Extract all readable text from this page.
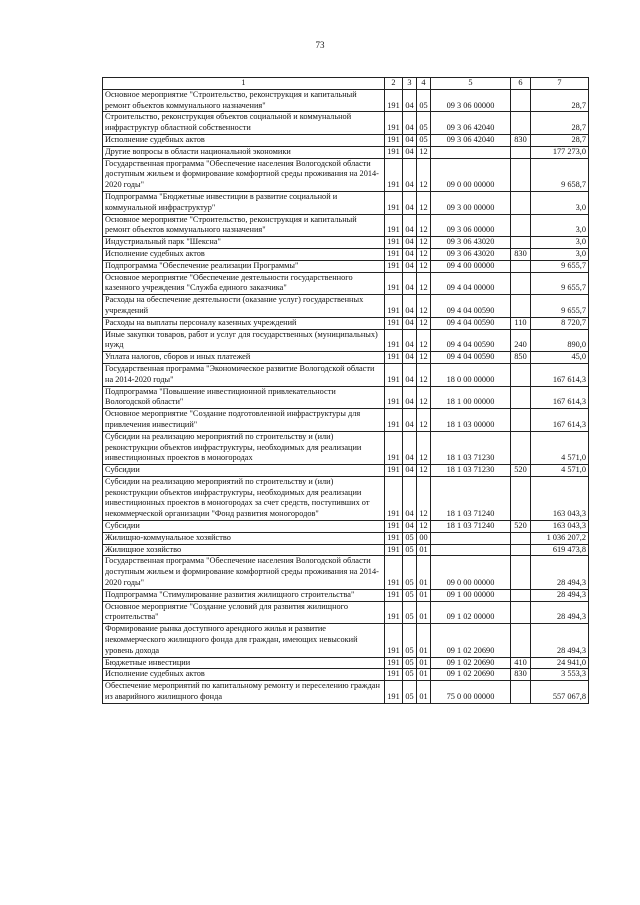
73
1	2	3	4	5	6	7
Основное мероприятие "Строительство, реконструкция и капитальный ремонт объектов коммунального назначения"	191	04	05	09 3 06 00000		28,7
Строительство, реконструкция объектов социальной и коммунальной инфраструктур областной собственности	191	04	05	09 3 06 42040		28,7
Исполнение судебных актов	191	04	05	09 3 06 42040	830	28,7
Другие вопросы в области национальной экономики	191	04	12			177 273,0
Государственная программа "Обеспечение населения Вологодской области доступным жильем и формирование комфортной среды проживания на 2014-2020 годы"	191	04	12	09 0 00 00000		9 658,7
Подпрограмма "Бюджетные инвестиции в развитие социальной и коммунальной инфраструктур"	191	04	12	09 3 00 00000		3,0
Основное мероприятие "Строительство, реконструкция и капитальный ремонт объектов коммунального назначения"	191	04	12	09 3 06 00000		3,0
Индустриальный парк "Шексна"	191	04	12	09 3 06 43020		3,0
Исполнение судебных актов	191	04	12	09 3 06 43020	830	3,0
Подпрограмма "Обеспечение реализации Программы"	191	04	12	09 4 00 00000		9 655,7
Основное мероприятие "Обеспечение деятельности государственного казенного учреждения "Служба единого заказчика"	191	04	12	09 4 04 00000		9 655,7
Расходы на обеспечение деятельности (оказание услуг) государственных учреждений	191	04	12	09 4 04 00590		9 655,7
Расходы на выплаты персоналу казенных учреждений	191	04	12	09 4 04 00590	110	8 720,7
Иные закупки товаров, работ и услуг для государственных (муниципальных) нужд	191	04	12	09 4 04 00590	240	890,0
Уплата налогов, сборов и иных платежей	191	04	12	09 4 04 00590	850	45,0
Государственная программа "Экономическое развитие Вологодской области на 2014-2020 годы"	191	04	12	18 0 00 00000		167 614,3
Подпрограмма "Повышение инвестиционной привлекательности Вологодской области"	191	04	12	18 1 00 00000		167 614,3
Основное мероприятие "Создание подготовленной инфраструктуры для привлечения инвестиций"	191	04	12	18 1 03 00000		167 614,3
Субсидии на реализацию мероприятий по строительству и (или) реконструкции объектов инфраструктуры, необходимых для реализации инвестиционных проектов в моногородах	191	04	12	18 1 03 71230		4 571,0
Субсидии	191	04	12	18 1 03 71230	520	4 571,0
Субсидии на реализацию мероприятий по строительству и (или) реконструкции объектов инфраструктуры, необходимых для реализации инвестиционных проектов в моногородах за счет средств, поступивших от некоммерческой организации "Фонд развития моногородов"	191	04	12	18 1 03 71240		163 043,3
Субсидии	191	04	12	18 1 03 71240	520	163 043,3
Жилищно-коммунальное хозяйство	191	05	00			1 036 207,2
Жилищное хозяйство	191	05	01			619 473,8
Государственная программа "Обеспечение населения Вологодской области доступным жильем и формирование комфортной среды проживания на 2014-2020 годы"	191	05	01	09 0 00 00000		28 494,3
Подпрограмма "Стимулирование развития жилищного строительства"	191	05	01	09 1 00 00000		28 494,3
Основное мероприятие "Создание условий для развития жилищного строительства"	191	05	01	09 1 02 00000		28 494,3
Формирование рынка доступного арендного жилья и развитие некоммерческого жилищного фонда для граждан, имеющих невысокий уровень дохода	191	05	01	09 1 02 20690		28 494,3
Бюджетные инвестиции	191	05	01	09 1 02 20690	410	24 941,0
Исполнение судебных актов	191	05	01	09 1 02 20690	830	3 553,3
Обеспечение мероприятий по капитальному ремонту и переселению граждан из аварийного жилищного фонда	191	05	01	75 0 00 00000		557 067,8
